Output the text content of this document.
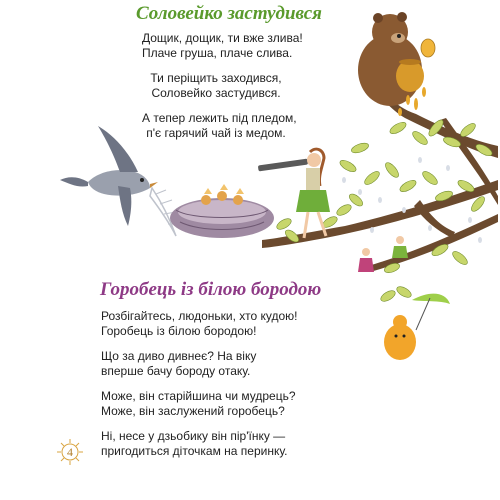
Соловейко застудився

Дощик, дощик, ти вже злива!
Плаче груша, плаче слива.

Ти періщить заходився,
Соловейко застудився.

А тепер лежить під пледом,
п'є гарячий чай із медом.

Горобець із білою бородою

Розбігайтесь, людоньки, хто кудою!
Горобець із білою бородою!

Що за диво дивнеє? На віку
вперше бачу бороду отаку.

Може, він старійшина чи мудрець?
Може, він заслужений горобець?

Ні, несе у дзьобику він пір'їнку —
пригодиться діточкам на перинку.

4
